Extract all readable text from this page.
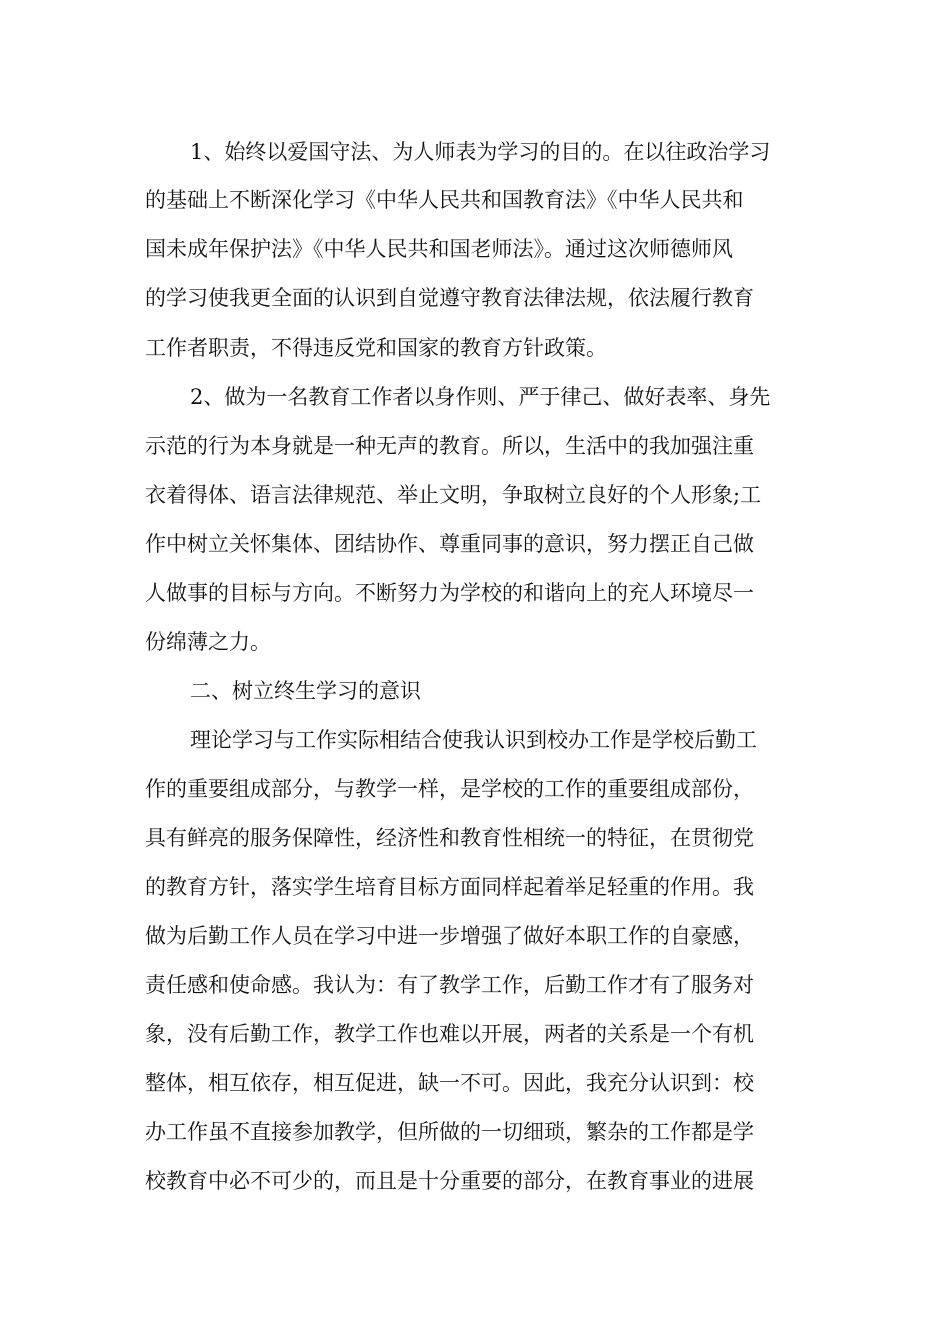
1、始终以爱国守法、为人师表为学习的目的。在以往政治学习
的基础上不断深化学习《中华人民共和国教育法》《中华人民共和
国未成年保护法》《中华人民共和国老师法》。通过这次师德师风
的学习使我更全面的认识到自觉遵守教育法律法规，依法履行教育
工作者职责，不得违反党和国家的教育方针政策。
2、做为一名教育工作者以身作则、严于律己、做好表率、身先
示范的行为本身就是一种无声的教育。所以，生活中的我加强注重
衣着得体、语言法律规范、举止文明，争取树立良好的个人形象;工
作中树立关怀集体、团结协作、尊重同事的意识，努力摆正自己做
人做事的目标与方向。不断努力为学校的和谐向上的充人环境尽一
份绵薄之力。
二、树立终生学习的意识
理论学习与工作实际相结合使我认识到校办工作是学校后勤工
作的重要组成部分，与教学一样，是学校的工作的重要组成部份，
具有鲜亮的服务保障性，经济性和教育性相统一的特征，在贯彻党
的教育方针，落实学生培育目标方面同样起着举足轻重的作用。我
做为后勤工作人员在学习中进一步增强了做好本职工作的自豪感，
责任感和使命感。我认为：有了教学工作，后勤工作才有了服务对
象，没有后勤工作，教学工作也难以开展，两者的关系是一个有机
整体，相互依存，相互促进，缺一不可。因此，我充分认识到：校
办工作虽不直接参加教学，但所做的一切细琐，繁杂的工作都是学
校教育中必不可少的，而且是十分重要的部分，在教育事业的进展
